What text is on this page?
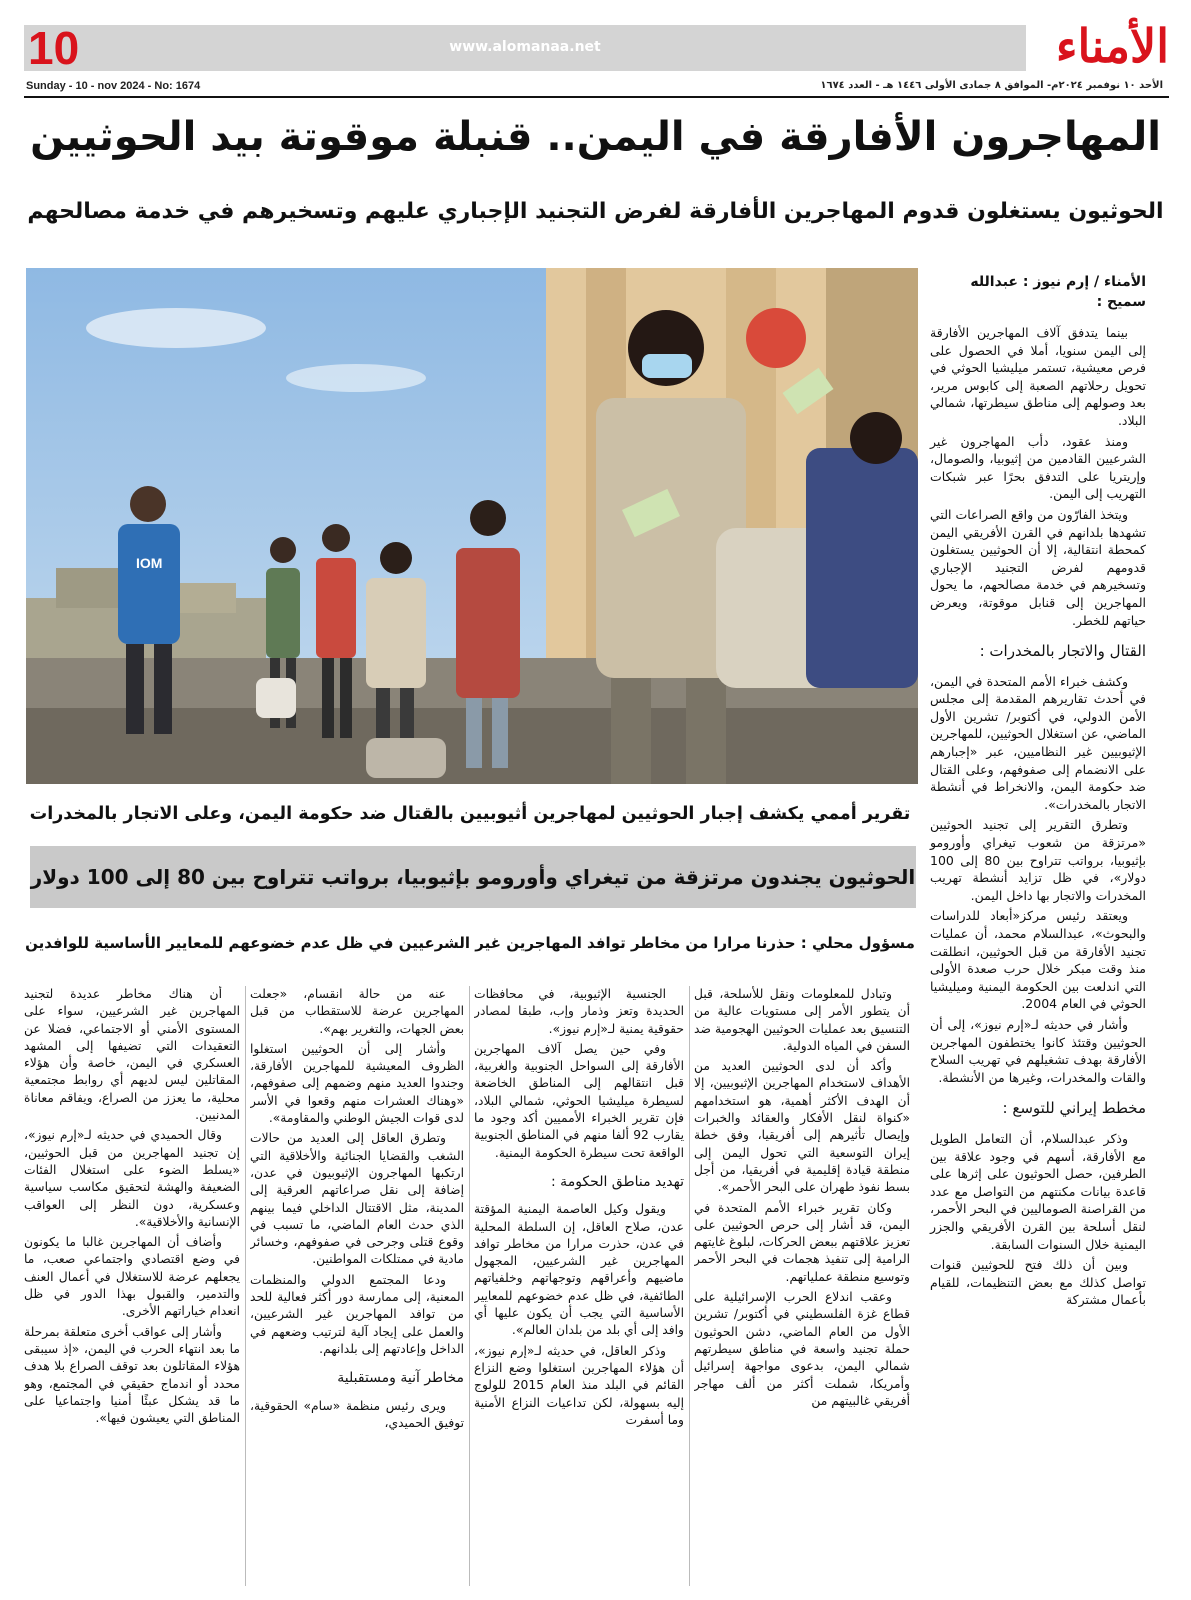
www.alomanaa.net
10	الأمناء
Sunday - 10 - nov 2024 - No: 1674	الأحد ١٠ نوفمبر ٢٠٢٤م- الموافق ٨ جمادى الأولى ١٤٤٦ هـ - العدد ١٦٧٤
المهاجرون الأفارقة في اليمن.. قنبلة موقوتة بيد الحوثيين
الحوثيون يستغلون قدوم المهاجرين الأفارقة لفرض التجنيد الإجباري عليهم وتسخيرهم في خدمة مصالحهم
IOM
الأمناء / إرم نيوز : عبدالله سميح :

بينما يتدفق آلاف المهاجرين الأفارقة إلى اليمن سنويا، أملا في الحصول على فرص معيشية، تستمر ميليشيا الحوثي في تحويل رحلاتهم الصعبة إلى كابوس مرير، بعد وصولهم إلى مناطق سيطرتها، شمالي البلاد.

ومنذ عقود، دأب المهاجرون غير الشرعيين القادمين من إثيوبيا، والصومال، وإريتريا على التدفق بحرًا عبر شبكات التهريب إلى اليمن.

ويتخذ الفارّون من واقع الصراعات التي تشهدها بلدانهم في القرن الأفريقي اليمن كمحطة انتقالية، إلا أن الحوثيين يستغلون قدومهم لفرض التجنيد الإجباري وتسخيرهم في خدمة مصالحهم، ما يحول المهاجرين إلى قنابل موقوتة، ويعرض حياتهم للخطر.

القتال والاتجار بالمخدرات :

وكشف خبراء الأمم المتحدة في اليمن، في أحدث تقاريرهم المقدمة إلى مجلس الأمن الدولي، في أكتوبر/ تشرين الأول الماضي، عن استغلال الحوثيين، للمهاجرين الإثيوبيين غير النظاميين، عبر «إجبارهم على الانضمام إلى صفوفهم، وعلى القتال ضد حكومة اليمن، والانخراط في أنشطة الاتجار بالمخدرات».

وتطرق التقرير إلى تجنيد الحوثيين «مرتزقة من شعوب تيغراي وأورومو بإثيوبيا، برواتب تتراوح بين 80 إلى 100 دولار»، في ظل تزايد أنشطة تهريب المخدرات والاتجار بها داخل اليمن.

ويعتقد رئيس مركز«أبعاد للدراسات والبحوث»، عبدالسلام محمد، أن عمليات تجنيد الأفارقة من قبل الحوثيين، انطلقت منذ وقت مبكر خلال حرب صعدة الأولى التي اندلعت بين الحكومة اليمنية وميليشيا الحوثي في العام 2004.

وأشار في حديثه لـ«إرم نيوز»، إلى أن الحوثيين وقتئذ كانوا يختطفون المهاجرين الأفارقة بهدف تشغيلهم في تهريب السلاح والقات والمخدرات، وغيرها من الأنشطة.

مخطط إيراني للتوسع :

وذكر عبدالسلام، أن التعامل الطويل مع الأفارقة، أسهم في وجود علاقة بين الطرفين، حصل الحوثيون على إثرها على قاعدة بيانات مكنتهم من التواصل مع عدد من القراصنة الصوماليين في البحر الأحمر، لنقل أسلحة بين القرن الأفريقي والجزر اليمنية خلال السنوات السابقة.

وبين أن ذلك فتح للحوثيين قنوات تواصل كذلك مع بعض التنظيمات، للقيام بأعمال مشتركة

تقرير أممي يكشف إجبار الحوثيين لمهاجرين أثيوبيين بالقتال ضد حكومة اليمن، وعلى الاتجار بالمخدرات
الحوثيون يجندون مرتزقة من تيغراي وأورومو بإثيوبيا، برواتب تتراوح بين 80 إلى 100 دولار
مسؤول محلي : حذرنا مرارا من مخاطر توافد المهاجرين غير الشرعيين في ظل عدم خضوعهم للمعايير الأساسية للوافدين

وتبادل للمعلومات ونقل للأسلحة، قبل أن يتطور الأمر إلى مستويات عالية من التنسيق بعد عمليات الحوثيين الهجومية ضد السفن في المياه الدولية.

وأكد أن لدى الحوثيين العديد من الأهداف لاستخدام المهاجرين الإثيوبيين، إلا أن الهدف الأكثر أهمية، هو استخدامهم «كنواة لنقل الأفكار والعقائد والخبرات وإيصال تأثيرهم إلى أفريقيا، وفق خطة إيران التوسعية التي تحول اليمن إلى منطقة قيادة إقليمية في أفريقيا، من أجل بسط نفوذ طهران على البحر الأحمر».

وكان تقرير خبراء الأمم المتحدة في اليمن، قد أشار إلى حرص الحوثيين على تعزيز علاقتهم ببعض الحركات، لبلوغ غايتهم الرامية إلى تنفيذ هجمات في البحر الأحمر وتوسيع منطقة عملياتهم.

وعقب اندلاع الحرب الإسرائيلية على قطاع غزة الفلسطيني في أكتوبر/ تشرين الأول من العام الماضي، دشن الحوثيون حملة تجنيد واسعة في مناطق سيطرتهم شمالي اليمن، بدعوى مواجهة إسرائيل وأمريكا، شملت أكثر من ألف مهاجر أفريقي غالبيتهم من

الجنسية الإثيوبية، في محافظات الحديدة وتعز وذمار وإب، طبقا لمصادر حقوقية يمنية لـ«إرم نيوز».

وفي حين يصل آلاف المهاجرين الأفارقة إلى السواحل الجنوبية والغربية، قبل انتقالهم إلى المناطق الخاضعة لسيطرة ميليشيا الحوثي، شمالي البلاد، فإن تقرير الخبراء الأمميين أكد وجود ما يقارب 92 ألفا منهم في المناطق الجنوبية الواقعة تحت سيطرة الحكومة اليمنية.

تهديد مناطق الحكومة :

ويقول وكيل العاصمة اليمنية المؤقتة عدن، صلاح العاقل، إن السلطة المحلية في عدن، حذرت مرارا من مخاطر توافد المهاجرين غير الشرعيين، المجهول ماضيهم وأعراقهم وتوجهاتهم وخلفياتهم الطائفية، في ظل عدم خضوعهم للمعايير الأساسية التي يجب أن يكون عليها أي وافد إلى أي بلد من بلدان العالم».

وذكر العاقل، في حديثه لـ«إرم نيوز»، أن هؤلاء المهاجرين استغلوا وضع النزاع القائم في البلد منذ العام 2015 للولوج إليه بسهولة، لكن تداعيات النزاع الأمنية وما أسفرت

عنه من حالة انقسام، «جعلت المهاجرين عرضة للاستقطاب من قبل بعض الجهات، والتغرير بهم».

وأشار إلى أن الحوثيين استغلوا الظروف المعيشية للمهاجرين الأفارقة، وجندوا العديد منهم وضمهم إلى صفوفهم، «وهناك العشرات منهم وقعوا في الأسر لدى قوات الجيش الوطني والمقاومة».

وتطرق العاقل إلى العديد من حالات الشغب والقضايا الجنائية والأخلاقية التي ارتكبها المهاجرون الإثيوبيون في عدن، إضافة إلى نقل صراعاتهم العرقية إلى المدينة، مثل الاقتتال الداخلي فيما بينهم الذي حدث العام الماضي، ما تسبب في وقوع قتلى وجرحى في صفوفهم، وخسائر مادية في ممتلكات المواطنين.

ودعا المجتمع الدولي والمنظمات المعنية، إلى ممارسة دور أكثر فعالية للحد من توافد المهاجرين غير الشرعيين، والعمل على إيجاد آلية لترتيب وضعهم في الداخل وإعادتهم إلى بلدانهم.

مخاطر آنية ومستقبلية

ويرى رئيس منظمة «سام» الحقوقية، توفيق الحميدي،

أن هناك مخاطر عديدة لتجنيد المهاجرين غير الشرعيين، سواء على المستوى الأمني أو الاجتماعي، فضلا عن التعقيدات التي تضيفها إلى المشهد العسكري في اليمن، خاصة وأن هؤلاء المقاتلين ليس لديهم أي روابط مجتمعية محلية، ما يعزز من الصراع، ويفاقم معاناة المدنيين.

وقال الحميدي في حديثه لـ«إرم نيوز»، إن تجنيد المهاجرين من قبل الحوثيين، «يسلط الضوء على استغلال الفئات الضعيفة والهشة لتحقيق مكاسب سياسية وعسكرية، دون النظر إلى العواقب الإنسانية والأخلاقية».

وأضاف أن المهاجرين غالبا ما يكونون في وضع اقتصادي واجتماعي صعب، ما يجعلهم عرضة للاستغلال في أعمال العنف والتدمير، والقبول بهذا الدور في ظل انعدام خياراتهم الأخرى.

وأشار إلى عواقب أخرى متعلقة بمرحلة ما بعد انتهاء الحرب في اليمن، «إذ سيبقى هؤلاء المقاتلون بعد توقف الصراع بلا هدف محدد أو اندماج حقيقي في المجتمع، وهو ما قد يشكل عبئًا أمنيا واجتماعيا على المناطق التي يعيشون فيها».
